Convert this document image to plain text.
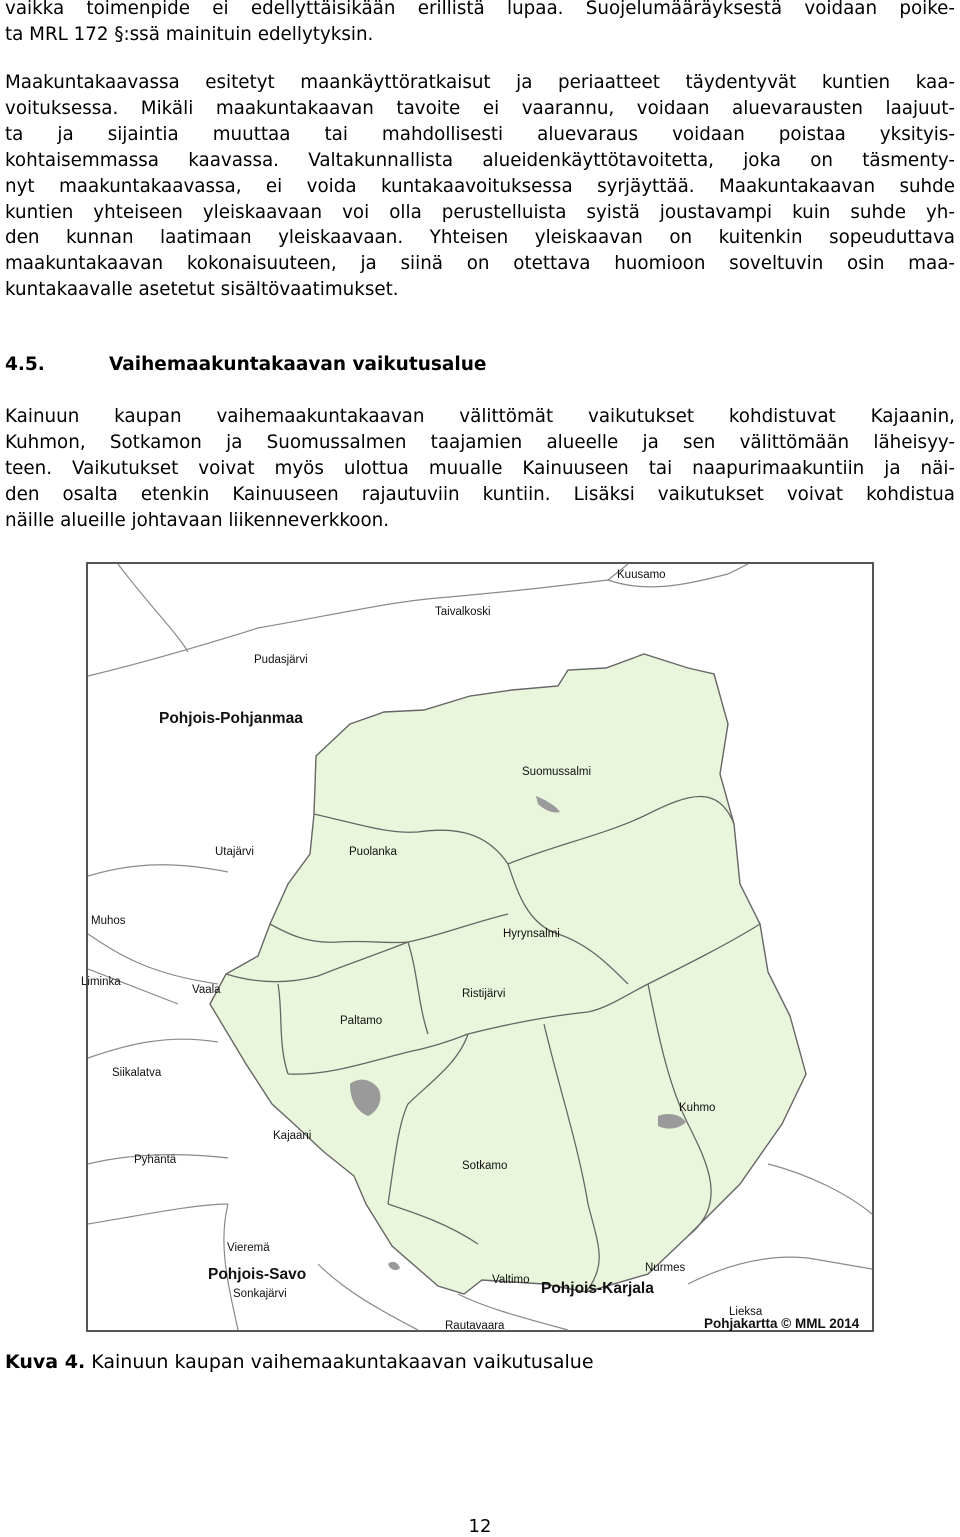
vaikka toimenpide ei edellyttäisikään erillistä lupaa. Suojelumääräyksestä voidaan poike-
ta MRL 172 §:ssä mainituin edellytyksin.

Maakuntakaavassa esitetyt maankäyttöratkaisut ja periaatteet täydentyvät kuntien kaa-
voituksessa. Mikäli maakuntakaavan tavoite ei vaarannu, voidaan aluevarausten laajuut-
ta ja sijaintia muuttaa tai mahdollisesti aluevaraus voidaan poistaa yksityis-
kohtaisemmassa kaavassa. Valtakunnallista alueidenkäyttötavoitetta, joka on täsmenty-
nyt maakuntakaavassa, ei voida kuntakaavoituksessa syrjäyttää. Maakuntakaavan suhde
kuntien yhteiseen yleiskaavaan voi olla perustelluista syistä joustavampi kuin suhde yh-
den kunnan laatimaan yleiskaavaan. Yhteisen yleiskaavan on kuitenkin sopeuduttava
maakuntakaavan kokonaisuuteen, ja siinä on otettava huomioon soveltuvin osin maa-
kuntakaavalle asetetut sisältövaatimukset.

4.5.	Vaihemaakuntakaavan vaikutusalue

Kainuun kaupan vaihemaakuntakaavan välittömät vaikutukset kohdistuvat Kajaanin,
Kuhmon, Sotkamon ja Suomussalmen taajamien alueelle ja sen välittömään läheisyy-
teen. Vaikutukset voivat myös ulottua muualle Kainuuseen tai naapurimaakuntiin ja näi-
den osalta etenkin Kainuuseen rajautuviin kuntiin. Lisäksi vaikutukset voivat kohdistua
näille alueille johtavaan liikenneverkkoon.

Kuusamo
Taivalkoski
Pudasjärvi
Pohjois-Pohjanmaa
Suomussalmi
Utajärvi	Puolanka
Muhos
Hyrynsalmi
Liminka
Vaala	Ristijärvi
Paltamo
Siikalatva
Kuhmo
Kajaani
Sotkamo
Pyhäntä
Vieremä
Nurmes
Pohjois-Savo	Valtimo Pohjois-Karjala
Sonkajärvi
Lieksa
Rautavaara	Pohjakartta © MML 2014
Kuva 4. Kainuun kaupan vaihemaakuntakaavan vaikutusalue
12
